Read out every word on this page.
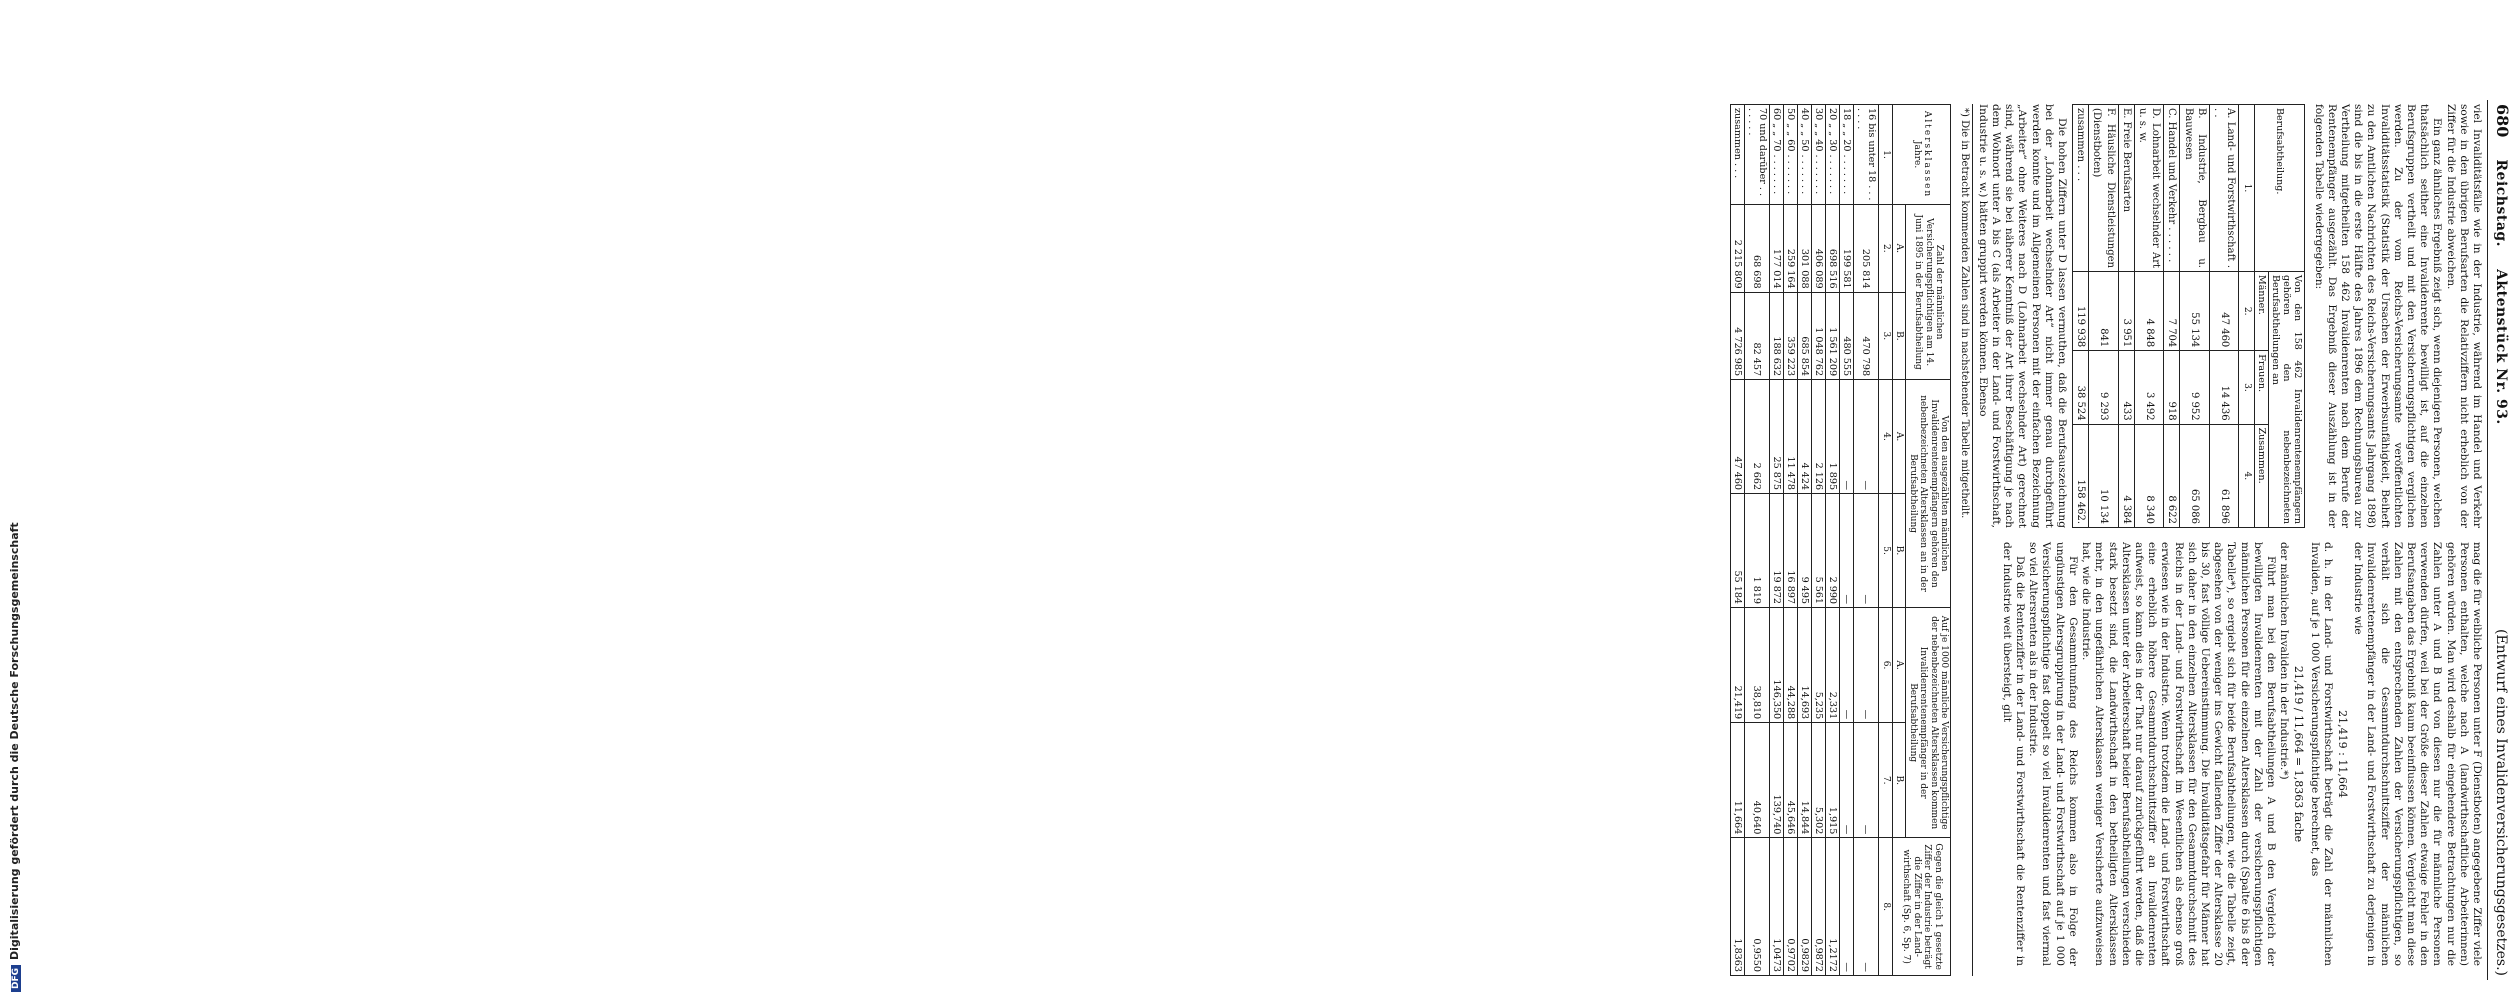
DFGDigitalisierung gefördert durch die Deutsche Forschungsgemeinschaft
680
Reichstag.
Aktenstück Nr. 93.
(Entwurf eines Invalidenversicherungsgesetzes.)

viel Invaliditätsfälle wie in der Industrie, während im Handel und Verkehr sowie in den übrigen Berufsarten die Relativziffern nicht erheblich von der Ziffer für die Industrie abweichen.

Ein ganz ähnliches Ergebniß zeigt sich, wenn diejenigen Personen, welchen thatsächlich seither eine Invalidenrente bewilligt ist, auf die einzelnen Berufsgruppen vertheilt und mit den Versicherungspflichtigen verglichen werden. Zu der vom Reichs-Versicherungsamte veröffentlichten Invaliditätsstatistik (Statistik der Ursachen der Erwerbsunfähigkeit, Beiheft zu den Amtlichen Nachrichten des Reichs-Versicherungsamts Jahrgang 1898) sind die bis in die erste Hälfte des Jahres 1896 dem Rechnungsbureau zur Vertheilung mitgetheilten 158 462 Invalidenrenten nach dem Berufe der Rentenempfänger ausgezählt. Das Ergebniß dieser Auszählung ist in der folgenden Tabelle wiedergegeben:

Berufsabtheilung.	Von den 158 462 Invalidenrentenempfängern gehören den nebenbezeichneten Berufsabtheilungen an		
	Männer.	Frauen.	Zusammen.
1.	2.	3.	4.
A. Land- und Forstwirthschaft . . .	47 460	14 436	61 896
B. Industrie, Bergbau u. Bauwesen	55 134	9 952	65 086
C. Handel und Verkehr . . . . . .	7 704	918	8 622
D. Lohnarbeit wechselnder Art u. s. w.	4 848	3 492	8 340
E. Freie Berufsarten	3 951	433	4 384
F. Häusliche Dienstleistungen (Dienstboten)	841	9 293	10 134
zusammen . . .	119 938	38 524	158 462.

Die hohen Ziffern unter D lassen vermuthen, daß die Berufsauszeichnung bei der „Lohnarbeit wechselnder Art“ nicht immer genau durchgeführt werden konnte und im Allgemeinen Personen mit der einfachen Bezeichnung „Arbeiter“ ohne Weiteres nach D (Lohnarbeit wechselnder Art) gerechnet sind, während sie bei näherer Kenntniß der Art ihrer Beschäftigung je nach dem Wohnort unter A bis C (als Arbeiter in der Land- und Forstwirthschaft, Industrie u. s. w.) hätten gruppirt werden können. Ebenso

mag die für weibliche Personen unter F (Dienstboten) angegebene Ziffer viele Personen enthalten, welche nach A (landwirthschaftliche Arbeiterinnen) gehören würden. Man wird deshalb für eingehendere Betrachtungen nur die Zahlen unter A und B und von diesen nur die für männliche Personen verwenden dürfen, weil bei der Größe dieser Zahlen etwaige Fehler in den Berufsangaben das Ergebniß kaum beeinflussen können. Vergleicht man diese Zahlen mit den entsprechenden Zahlen der Versicherungspflichtigen, so verhält sich die Gesammtdurchschnittsziffer der männlichen Invalidenrentenempfänger in der Land- und Forstwirthschaft zu derjenigen in der Industrie wie

21,419 : 11,664

d. h. in der Land- und Forstwirthschaft beträgt die Zahl der männlichen Invaliden, auf je 1 000 Versicherungspflichtige berechnet, das

21,419 / 11,664 = 1,8363 fache

der männlichen Invaliden in der Industrie.*)

Führt man bei den Berufsabtheilungen A und B den Vergleich der bewilligten Invalidenrenten mit der Zahl der versicherungspflichtigen männlichen Personen für die einzelnen Altersklassen durch (Spalte 6 bis 8 der Tabelle*), so ergiebt sich für beide Berufsabtheilungen, wie die Tabelle zeigt, abgesehen von der weniger ins Gewicht fallenden Ziffer der Altersklasse 20 bis 30, fast völlige Uebereinstimmung. Die Invaliditätsgefahr für Männer hat sich daher in den einzelnen Altersklassen für den Gesammtdurchschnitt des Reichs in der Land- und Forstwirthschaft im Wesentlichen als ebenso groß erwiesen wie in der Industrie. Wenn trotzdem die Land- und Forstwirthschaft eine erheblich höhere Gesammtdurchschnittsziffer an Invalidenrenten aufweist, so kann dies in der That nur darauf zurückgeführt werden, daß die Altersklassen unter der Arbeiterschaft beider Berufsabtheilungen verschieden stark besetzt sind, die Landwirthschaft in den betheiligten Altersklassen mehr, in den ungefährlichen Altersklassen weniger Versicherte aufzuweisen hat, wie die Industrie.

Für den Gesammtumfang des Reichs kommen also in Folge der ungünstigen Altersgruppirung in der Land- und Forstwirthschaft auf je 1 000 Versicherungspflichtige fast doppelt so viel Invalidenrenten und fast viermal so viel Altersrenten als in der Industrie.

Daß die Rentenziffer in der Land- und Forstwirthschaft die Rentenziffer in der Industrie weit übersteigt, gilt

*) Die in Betracht kommenden Zahlen sind in nachstehender Tabelle mitgetheilt.
Altersklassen
Jahre.	Zahl der männlichen Versicherungspflichtigen am 14. Juni 1895 in der Berufsabtheilung		Von den ausgezählten männlichen Invalidenrentenempfängern gehören den nebenbezeichneten Altersklassen an in der Berufsabtheilung		Auf je 1000 männliche Versicherungspflichtige der nebenbezeichneten Altersklassen kommen Invalidenrentenempfänger in der Berufsabtheilung		Gegen die gleich 1 gesetzte Ziffer der Industrie beträgt die Ziffer in der Land- wirthschaft (Sp. 6, Sp. 7)
	A.	B.	A.	B.	A.	B.	
1.	2.	3.	4.	5.	6.	7.	8.
16 bis unter 18 . . . . . . .	205 814	470 798	—	—	—	—	—
18 „ „ 20 . . . . . . .	199 581	480 555	—	—	—	—	—
20 „ „ 30 . . . . . . .	698 516	1 561 209	1 895	2 990	2,331	1,915	1,2172
30 „ „ 40 . . . . . . .	406 089	1 048 762	2 126	5 561	5,235	5,302	0,9872
40 „ „ 50 . . . . . . .	301 088	685 854	4 424	9 495	14,693	14,844	0,9829
50 „ „ 60 . . . . . . .	259 164	359 223	11 478	16 897	44,288	45,646	0,9702
60 „ „ 70 . . . . . . .	177 014	188 632	25 875	19 872	146,350	139,740	1,0473
70 und darüber . . . . . . .	68 698	82 457	2 662	1 819	38,810	40,640	0,9550
zusammen . . .	2 215 809	4 726 985	47 460	55 184	21,419	11,664	1,8363
